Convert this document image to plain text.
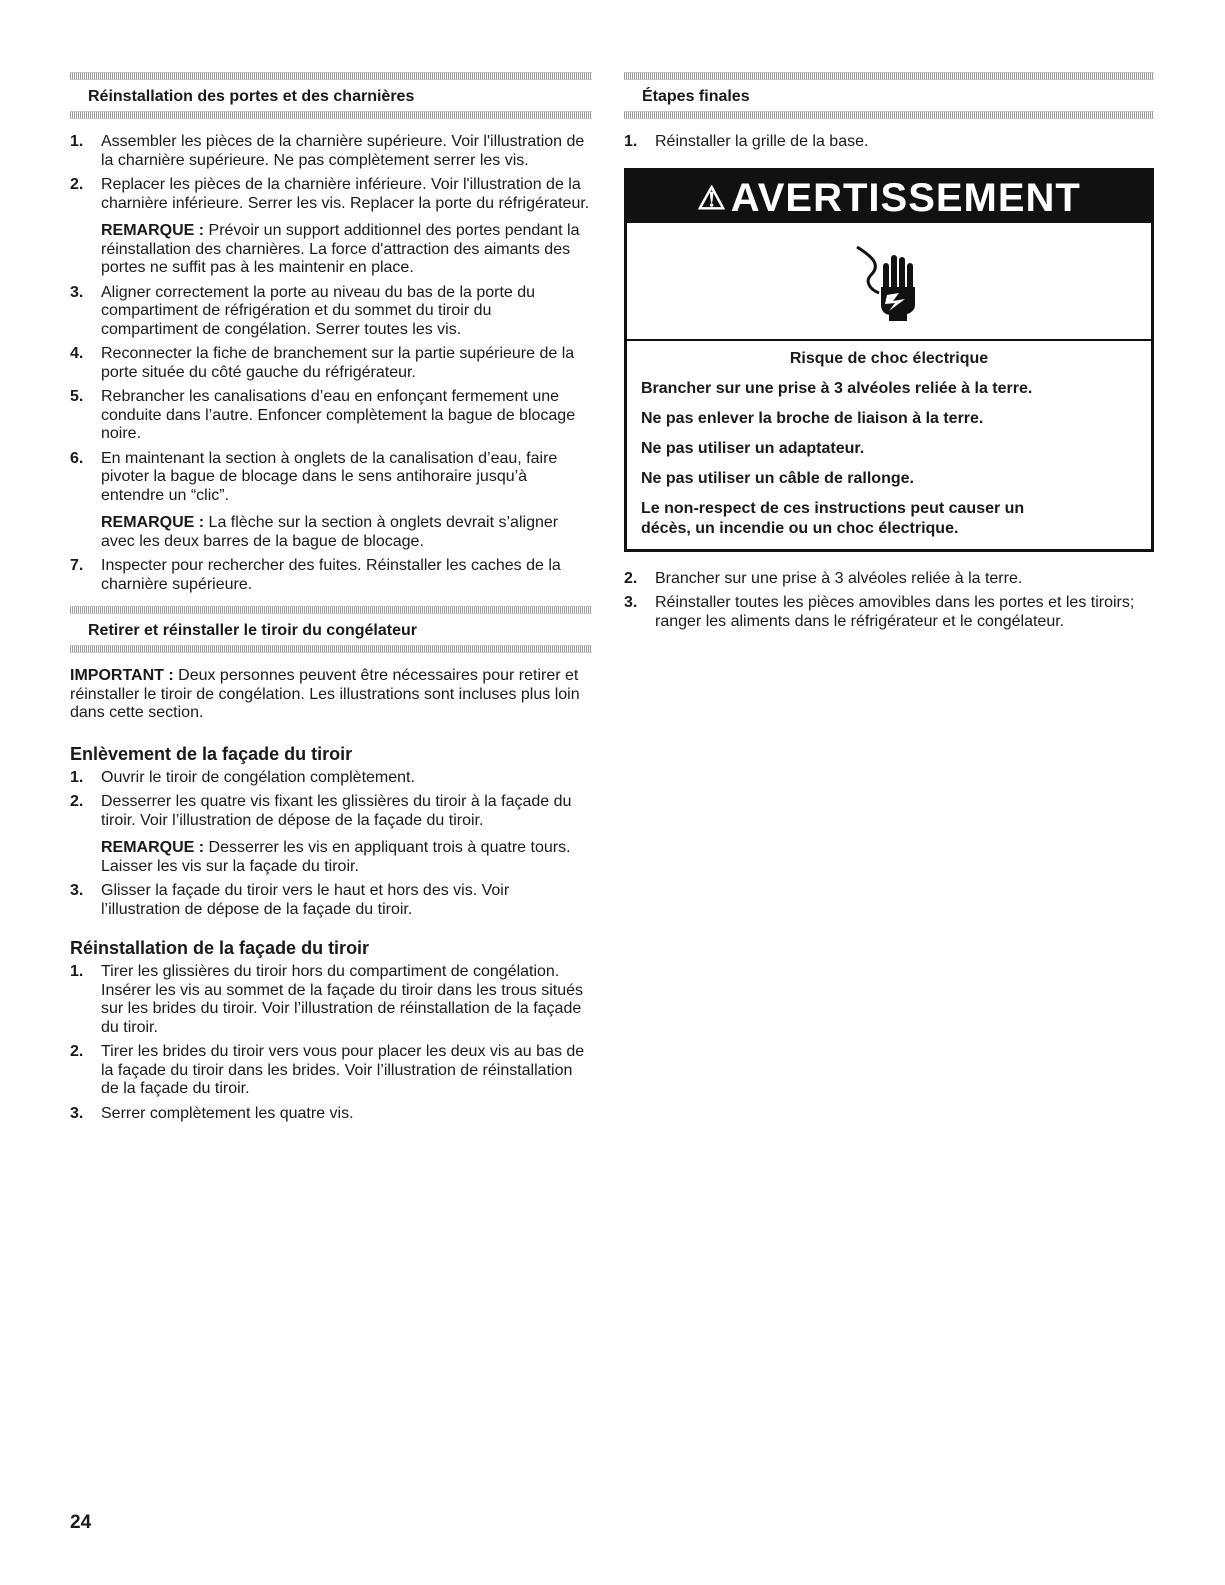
Réinstallation des portes et des charnières
1. Assembler les pièces de la charnière supérieure. Voir l'illustration de la charnière supérieure. Ne pas complètement serrer les vis.
2. Replacer les pièces de la charnière inférieure. Voir l'illustration de la charnière inférieure. Serrer les vis. Replacer la porte du réfrigérateur.
REMARQUE : Prévoir un support additionnel des portes pendant la réinstallation des charnières. La force d'attraction des aimants des portes ne suffit pas à les maintenir en place.
3. Aligner correctement la porte au niveau du bas de la porte du compartiment de réfrigération et du sommet du tiroir du compartiment de congélation. Serrer toutes les vis.
4. Reconnecter la fiche de branchement sur la partie supérieure de la porte située du côté gauche du réfrigérateur.
5. Rebrancher les canalisations d’eau en enfonçant fermement une conduite dans l’autre. Enfoncer complètement la bague de blocage noire.
6. En maintenant la section à onglets de la canalisation d’eau, faire pivoter la bague de blocage dans le sens antihoraire jusqu’à entendre un “clic”.
REMARQUE : La flèche sur la section à onglets devrait s’aligner avec les deux barres de la bague de blocage.
7. Inspecter pour rechercher des fuites. Réinstaller les caches de la charnière supérieure.
Retirer et réinstaller le tiroir du congélateur

IMPORTANT : Deux personnes peuvent être nécessaires pour retirer et réinstaller le tiroir de congélation. Les illustrations sont incluses plus loin dans cette section.

Enlèvement de la façade du tiroir
1. Ouvrir le tiroir de congélation complètement.
2. Desserrer les quatre vis fixant les glissières du tiroir à la façade du tiroir. Voir l’illustration de dépose de la façade du tiroir.
REMARQUE : Desserrer les vis en appliquant trois à quatre tours. Laisser les vis sur la façade du tiroir.
3. Glisser la façade du tiroir vers le haut et hors des vis. Voir l’illustration de dépose de la façade du tiroir.
Réinstallation de la façade du tiroir
1. Tirer les glissières du tiroir hors du compartiment de congélation. Insérer les vis au sommet de la façade du tiroir dans les trous situés sur les brides du tiroir. Voir l’illustration de réinstallation de la façade du tiroir.
2. Tirer les brides du tiroir vers vous pour placer les deux vis au bas de la façade du tiroir dans les brides. Voir l’illustration de réinstallation de la façade du tiroir.
3. Serrer complètement les quatre vis.
Étapes finales
1. Réinstaller la grille de la base.
⚠ AVERTISSEMENT

Risque de choc électrique

Brancher sur une prise à 3 alvéoles reliée à la terre.

Ne pas enlever la broche de liaison à la terre.

Ne pas utiliser un adaptateur.

Ne pas utiliser un câble de rallonge.

Le non-respect de ces instructions peut causer un décès, un incendie ou un choc électrique.

2. Brancher sur une prise à 3 alvéoles reliée à la terre.
3. Réinstaller toutes les pièces amovibles dans les portes et les tiroirs; ranger les aliments dans le réfrigérateur et le congélateur.
24
